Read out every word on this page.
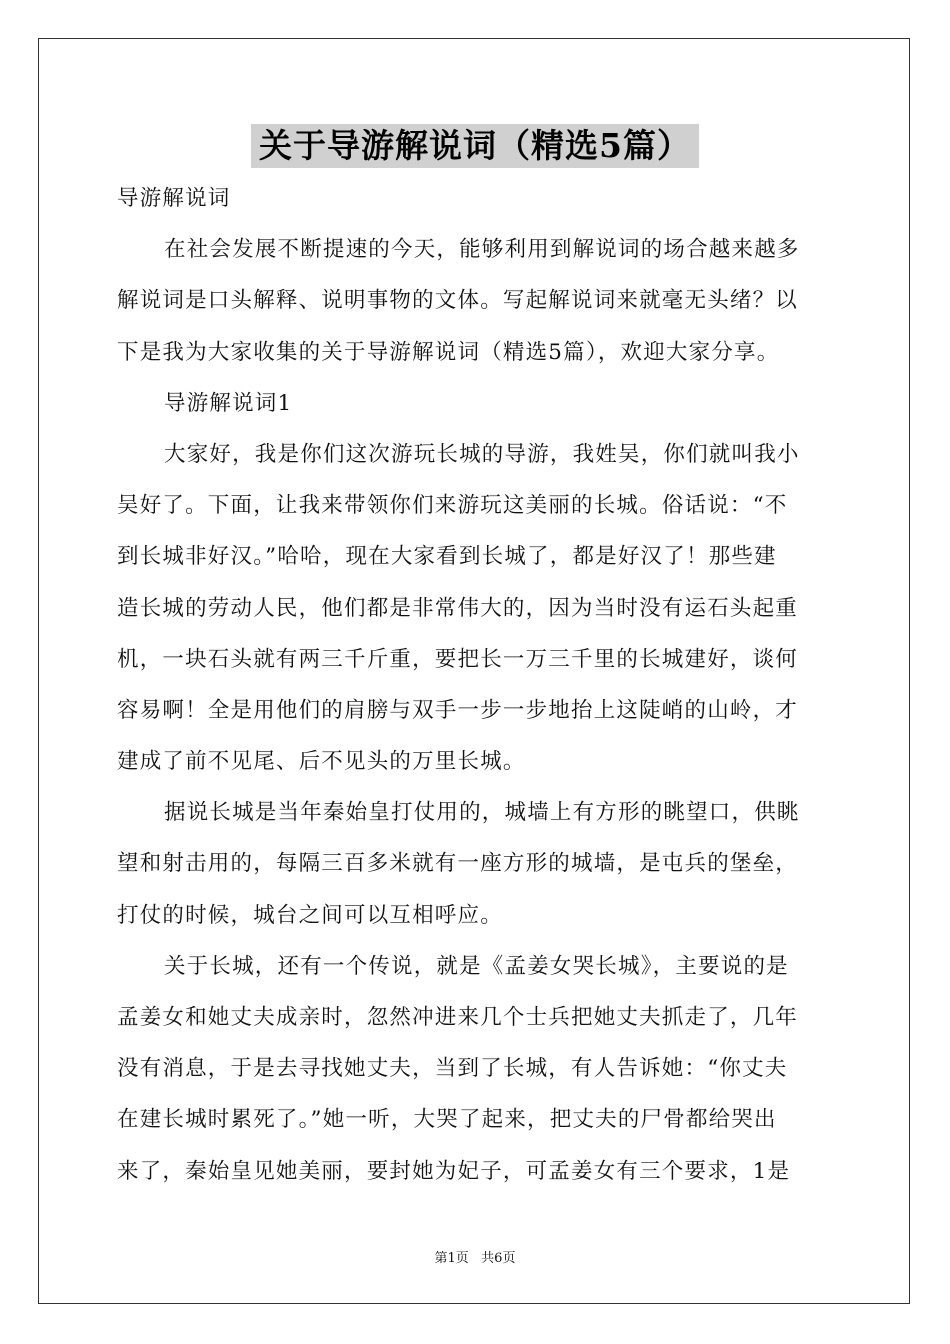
关于导游解说词（精选5篇）
导游解说词
在社会发展不断提速的今天，能够利用到解说词的场合越来越多
解说词是口头解释、说明事物的文体。写起解说词来就毫无头绪？以
下是我为大家收集的关于导游解说词（精选5篇），欢迎大家分享。
导游解说词1
大家好，我是你们这次游玩长城的导游，我姓吴，你们就叫我小
吴好了。下面，让我来带领你们来游玩这美丽的长城。俗话说：“不
到长城非好汉。”哈哈，现在大家看到长城了，都是好汉了！那些建
造长城的劳动人民，他们都是非常伟大的，因为当时没有运石头起重
机，一块石头就有两三千斤重，要把长一万三千里的长城建好，谈何
容易啊！全是用他们的肩膀与双手一步一步地抬上这陡峭的山岭，才
建成了前不见尾、后不见头的万里长城。
据说长城是当年秦始皇打仗用的，城墙上有方形的眺望口，供眺
望和射击用的，每隔三百多米就有一座方形的城墙，是屯兵的堡垒，
打仗的时候，城台之间可以互相呼应。
关于长城，还有一个传说，就是《孟姜女哭长城》，主要说的是
孟姜女和她丈夫成亲时，忽然冲进来几个士兵把她丈夫抓走了，几年
没有消息，于是去寻找她丈夫，当到了长城，有人告诉她：“你丈夫
在建长城时累死了。”她一听，大哭了起来，把丈夫的尸骨都给哭出
来了，秦始皇见她美丽，要封她为妃子，可孟姜女有三个要求，1是
第1页   共6页
